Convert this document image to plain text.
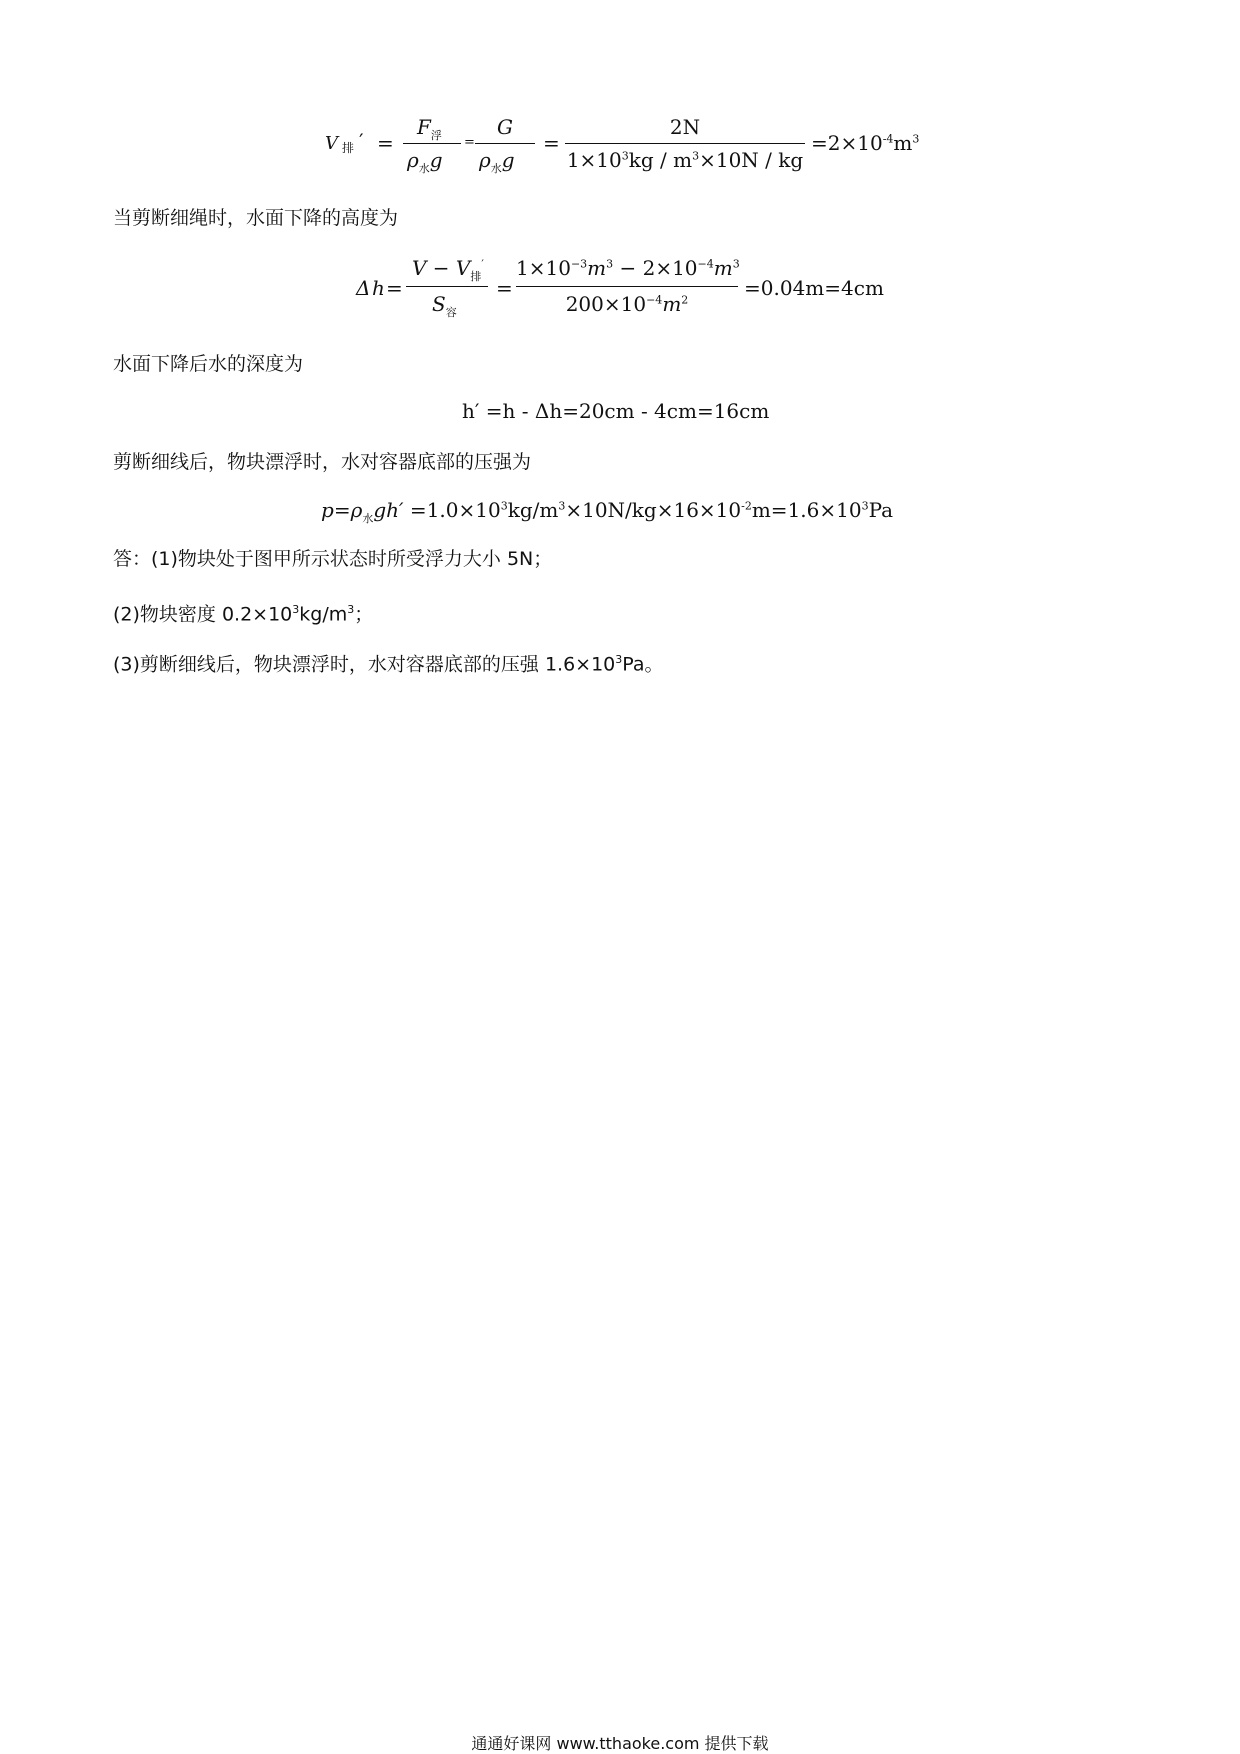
V 排 ′ =
$F_浮$
$\rho_水g$
=
G
$\rho_水g$
=
2N
$1\times 10^3kg / m^3\times 10N$ / kg
$=2\times 10^{-4}m^3$
当剪断细绳时，水面下降的高度为
Δ h =
$V - V_排'$
$S_容$
=
$1\times 10^{-3}m^3 - 2\times 10^{-4}m^3$
$200\times 10^{-4}m^2$	=0.04m=4cm
水面下降后水的深度为
h′ =h - Δh=20cm - 4cm=16cm
剪断细线后，物块漂浮时，水对容器底部的压强为
$p=\rho_水gh' =1.0\times 10^3kg/m^3\times 10N/kg\times 16\times 10^{-2}m=1.6\times 10^3Pa$
答：(1)物块处于图甲所示状态时所受浮力大小 5N；
(2)物块密度 $0.2\times 10^3kg/m^3$；
(3)剪断细线后，物块漂浮时，水对容器底部的压强 $1.6\times 10^3Pa$。
通通好课网 www.tthaoke.com 提供下载
